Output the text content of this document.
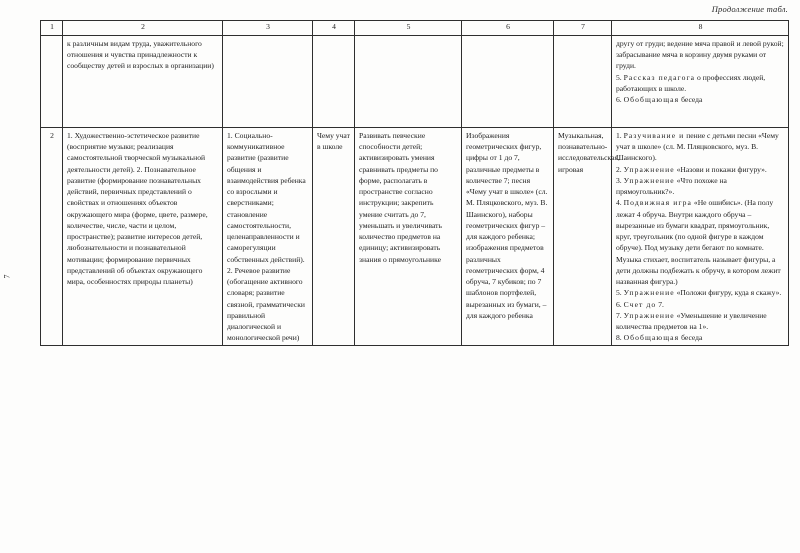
Продолжение табл.
7
1	2	3	4	5	6	7	8
	к различным видам труда, уважительного отношения и чувства принадлежности к сообществу детей и взрослых в организации)						другу от груди; ведение мяча правой и левой рукой; забрасывание мяча в корзину двумя руками от груди.

5. Рассказ педагога о профессиях людей, работающих в школе.

6. Обобщающая беседа

2	1. Художественно-эстетическое развитие (восприятие музыки; реализация самостоятельной творческой музыкальной деятельности детей). 2. Познавательное развитие (формирование познавательных действий, первичных представлений о свойствах и отношениях объектов окружающего мира (форме, цвете, размере, количестве, числе, части и целом, пространстве); развитие интересов детей, любознательности и познавательной мотивации; формирование первичных представлений об объектах окружающего мира, особенностях природы планеты)	1. Социально-коммуникативное развитие (развитие общения и взаимодействия ребенка со взрослыми и сверстниками; становление самостоятельности, целенаправленности и саморегуляции собственных действий). 2. Речевое развитие (обогащение активного словаря; развитие связной, грамматически правильной диалогической и монологической речи)	Чему учат в школе	Развивать певческие способности детей; активизировать умения сравнивать предметы по форме, располагать в пространстве согласно инструкции; закрепить умение считать до 7, уменьшать и увеличивать количество предметов на единицу; активизировать знания о прямоугольнике	Изображения геометрических фигур, цифры от 1 до 7, различные предметы в количестве 7; песня «Чему учат в школе» (сл. М. Пляцковского, муз. В. Шаинского), наборы геометрических фигур – для каждого ребенка; изображения предметов различных геометрических форм, 4 обруча, 7 кубиков; по 7 шаблонов портфелей, вырезанных из бумаги, – для каждого ребенка	Музыкальная, познавательно-исследовательская, игровая	

1. Разучивание и пение с детьми песни «Чему учат в школе» (сл. М. Пляцковского, муз. В. Шаинского).

2. Упражнение «Назови и покажи фигуру».

3. Упражнение «Что похоже на прямоугольник?».

4. Подвижная игра «Не ошибись». (На полу лежат 4 обруча. Внутри каждого обруча – вырезанные из бумаги квадрат, прямоугольник, круг, треугольник (по одной фигуре в каждом обруче). Под музыку дети бегают по комнате. Музыка стихает, воспитатель называет фигуры, а дети должны подбежать к обручу, в котором лежит названная фигура.)

5. Упражнение «Положи фигуру, куда я скажу».

6. Счет до 7.

7. Упражнение «Уменьшение и увеличение количества предметов на 1».

8. Обобщающая беседа
